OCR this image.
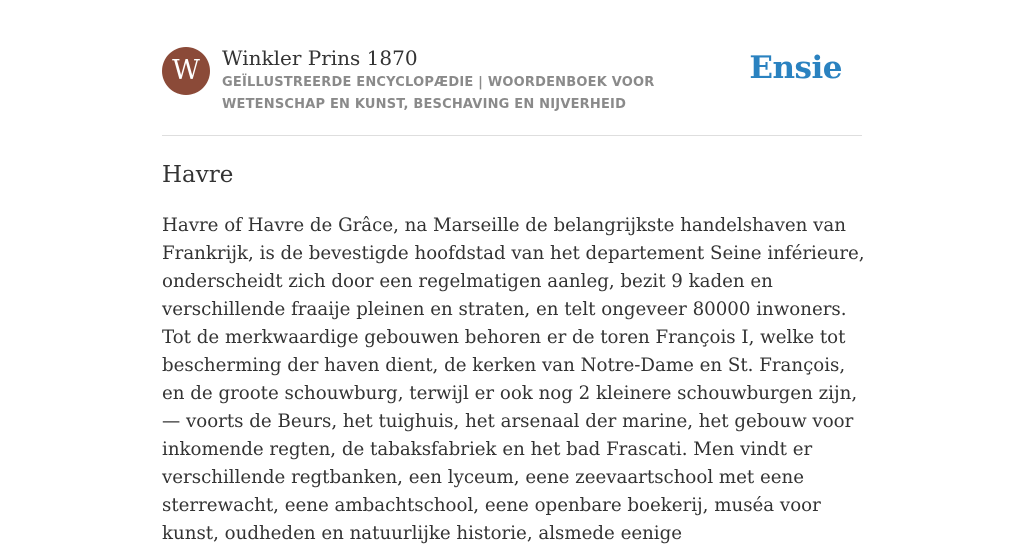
W	Winkler Prins 1870
GEÏLLUSTREERDE ENCYCLOPÆDIE | WOORDENBOEK VOOR WETENSCHAP EN KUNST, BESCHAVING EN NIJVERHEID
Ensie
Havre

Havre of Havre de Grâce, na Marseille de belangrijkste handelshaven van Frankrijk, is de bevestigde hoofdstad van het departement Seine inférieure, onderscheidt zich door een regelmatigen aanleg, bezit 9 kaden en verschillende fraaije pleinen en straten, en telt ongeveer 80000 inwoners. Tot de merkwaardige gebouwen behoren er de toren François I, welke tot bescherming der haven dient, de kerken van Notre-Dame en St. François, en de groote schouwburg, terwijl er ook nog 2 kleinere schouwburgen zijn, — voorts de Beurs, het tuighuis, het arsenaal der marine, het gebouw voor inkomende regten, de tabaksfabriek en het bad Frascati. Men vindt er verschillende regtbanken, een lyceum, eene zeevaartschool met eene sterrewacht, eene ambachtschool, eene openbare boekerij, muséa voor kunst, oudheden en natuurlijke historie, alsmede eenige
